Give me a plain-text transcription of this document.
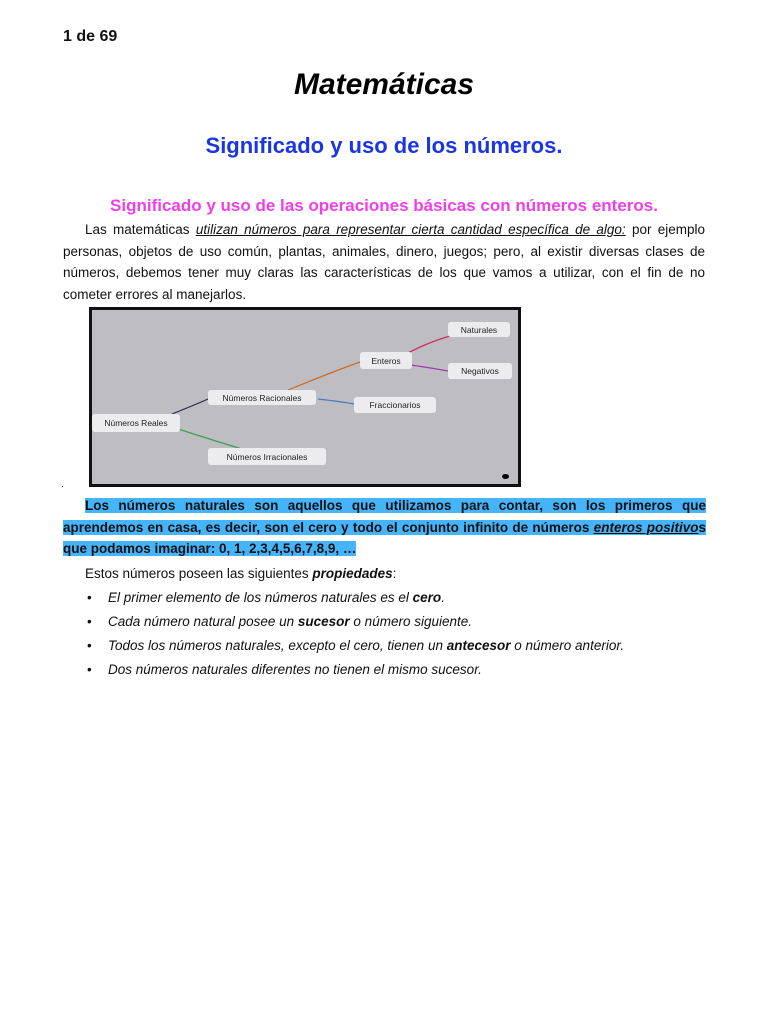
1 de 69
Matemáticas
Significado y uso de los números.
Significado y uso de las operaciones básicas con números enteros.

Las matemáticas utilizan números para representar cierta cantidad específica de algo: por ejemplo personas, objetos de uso común, plantas, animales, dinero, juegos; pero, al existir diversas clases de números, debemos tener muy claras las características de los que vamos a utilizar, con el fin de no cometer errores al manejarlos.

Números Reales
Números Racionales
Números Irracionales
Enteros
Fraccionarios
Naturales
Negativos
.

Los números naturales son aquellos que utilizamos para contar, son los primeros que aprendemos en casa, es decir, son el cero y todo el conjunto infinito de números enteros positivos que podamos imaginar: 0, 1, 2,3,4,5,6,7,8,9, …

Estos números poseen las siguientes propiedades:
• El primer elemento de los números naturales es el cero.
• Cada número natural posee un sucesor o número siguiente.
• Todos los números naturales, excepto el cero, tienen un antecesor o número anterior.
• Dos números naturales diferentes no tienen el mismo sucesor.
